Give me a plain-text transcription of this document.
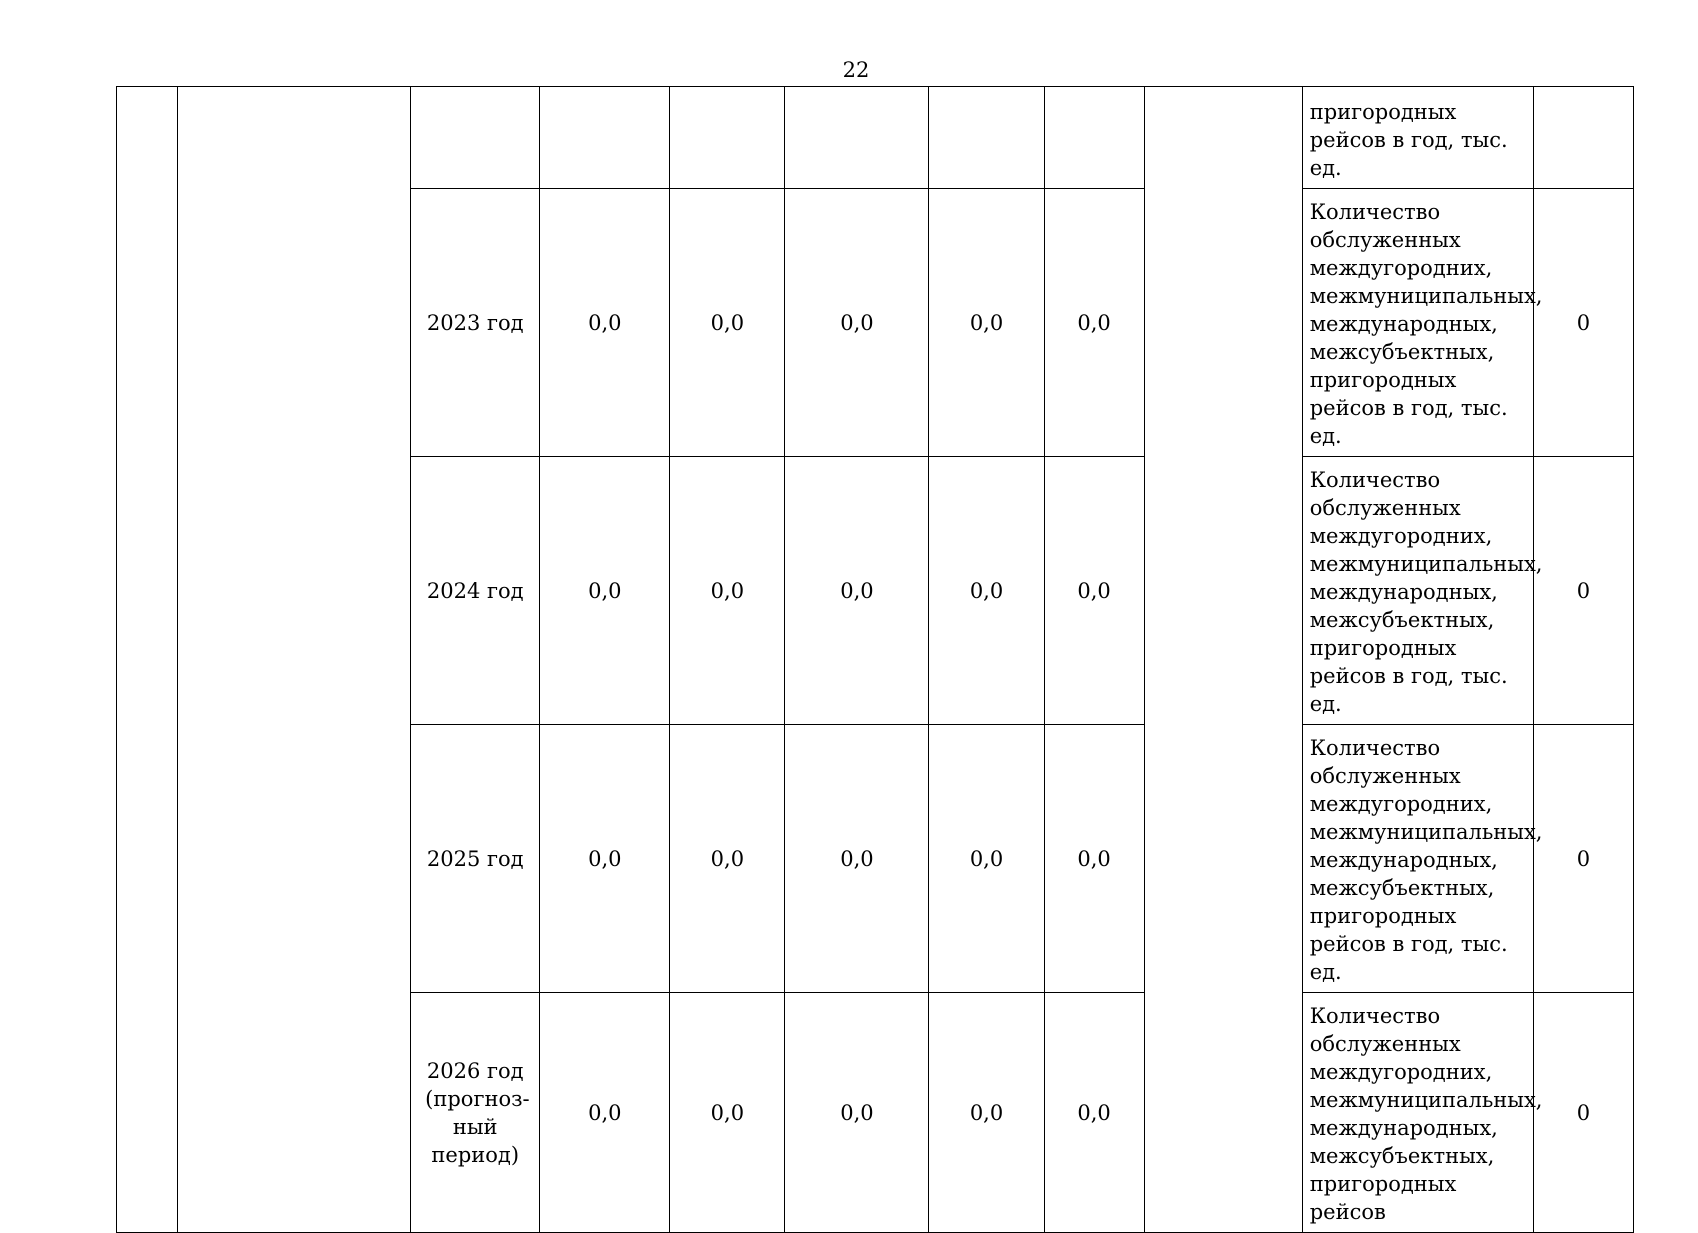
22
									пригородных рейсов в год, тыс. ед.	
		2023 год	0,0	0,0	0,0	0,0	0,0		Количество обслуженных междугородних, межмуниципальных, международных, межсубъектных, пригородных рейсов в год, тыс. ед.	0
		2024 год	0,0	0,0	0,0	0,0	0,0		Количество обслуженных междугородних, межмуниципальных, международных, межсубъектных, пригородных рейсов в год, тыс. ед.	0
		2025 год	0,0	0,0	0,0	0,0	0,0		Количество обслуженных междугородних, межмуниципальных, международных, межсубъектных, пригородных рейсов в год, тыс. ед.	0
		2026 год (прогноз-ный период)	0,0	0,0	0,0	0,0	0,0		Количество обслуженных междугородних, межмуниципальных, международных, межсубъектных, пригородных рейсов	0
